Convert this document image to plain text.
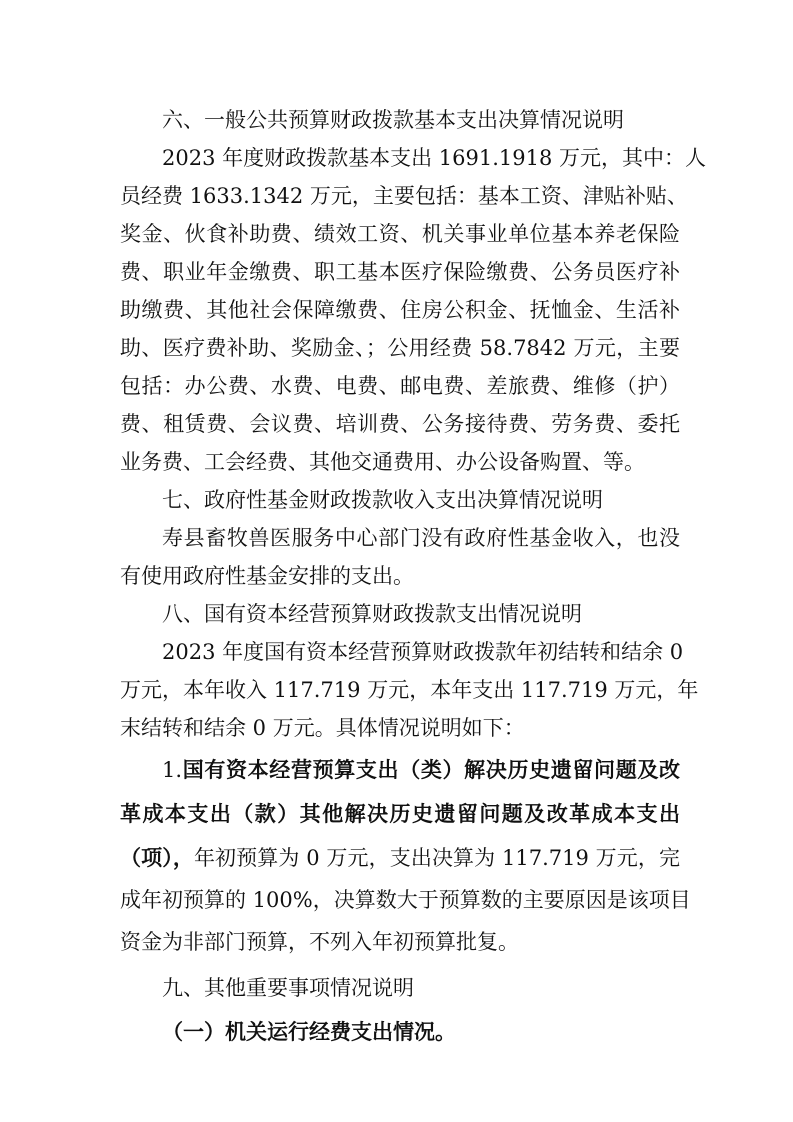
六、一般公共预算财政拨款基本支出决算情况说明
2023 年度财政拨款基本支出 1691.1918 万元，其中：人
员经费 1633.1342 万元，主要包括：基本工资、津贴补贴、
奖金、伙食补助费、绩效工资、机关事业单位基本养老保险
费、职业年金缴费、职工基本医疗保险缴费、公务员医疗补
助缴费、其他社会保障缴费、住房公积金、抚恤金、生活补
助、医疗费补助、奖励金、；公用经费 58.7842 万元，主要
包括：办公费、水费、电费、邮电费、差旅费、维修（护）
费、租赁费、会议费、培训费、公务接待费、劳务费、委托
业务费、工会经费、其他交通费用、办公设备购置、等。
七、政府性基金财政拨款收入支出决算情况说明
寿县畜牧兽医服务中心部门没有政府性基金收入，也没
有使用政府性基金安排的支出。
八、国有资本经营预算财政拨款支出情况说明
2023 年度国有资本经营预算财政拨款年初结转和结余 0
万元，本年收入 117.719 万元，本年支出 117.719 万元，年
末结转和结余 0 万元。具体情况说明如下：
1.国有资本经营预算支出（类）解决历史遗留问题及改
革成本支出（款）其他解决历史遗留问题及改革成本支出
（项），年初预算为 0 万元，支出决算为 117.719 万元，完
成年初预算的 100%，决算数大于预算数的主要原因是该项目
资金为非部门预算，不列入年初预算批复。
九、其他重要事项情况说明
（一）机关运行经费支出情况。
